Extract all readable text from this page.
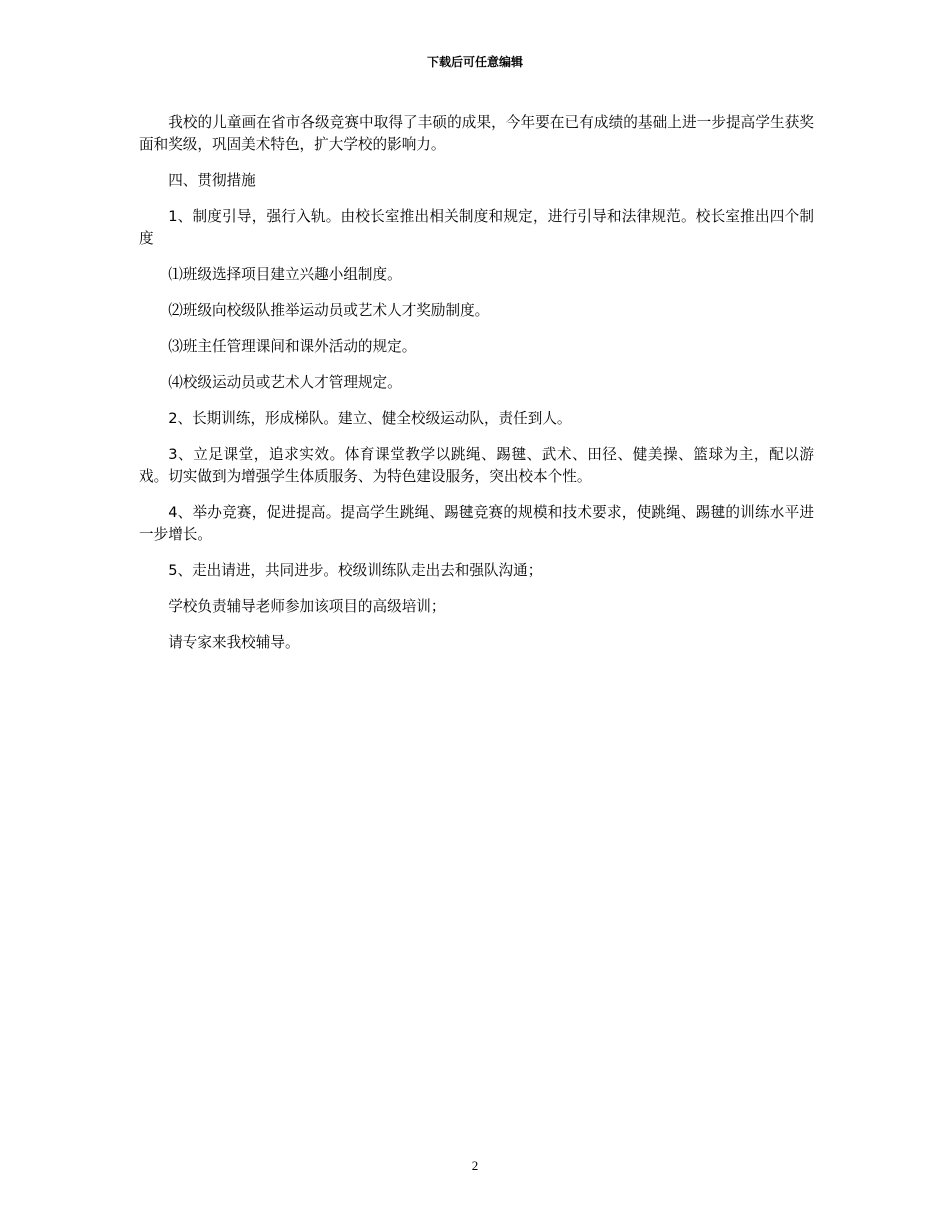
下载后可任意编辑

我校的儿童画在省市各级竞赛中取得了丰硕的成果，今年要在已有成绩的基础上进一步提高学生获奖面和奖级，巩固美术特色，扩大学校的影响力。

四、贯彻措施

1、制度引导，强行入轨。由校长室推出相关制度和规定，进行引导和法律规范。校长室推出四个制度

⑴班级选择项目建立兴趣小组制度。

⑵班级向校级队推举运动员或艺术人才奖励制度。

⑶班主任管理课间和课外活动的规定。

⑷校级运动员或艺术人才管理规定。

2、长期训练，形成梯队。建立、健全校级运动队，责任到人。

3、立足课堂，追求实效。体育课堂教学以跳绳、踢毽、武术、田径、健美操、篮球为主，配以游戏。切实做到为增强学生体质服务、为特色建设服务，突出校本个性。

4、举办竞赛，促进提高。提高学生跳绳、踢毽竞赛的规模和技术要求，使跳绳、踢毽的训练水平进一步增长。

5、走出请进，共同进步。校级训练队走出去和强队沟通；

学校负责辅导老师参加该项目的高级培训；

请专家来我校辅导。

2
